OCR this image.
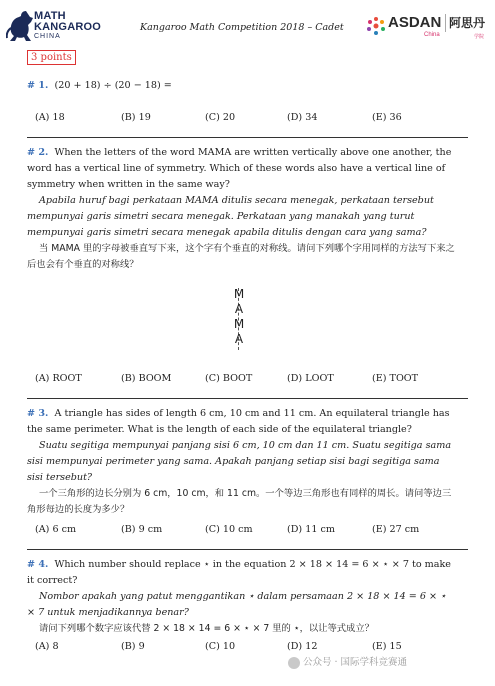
MATH
KANGAROO
CHINA
Kangaroo Math Competition 2018 – Cadet	ASDAN
China
阿思丹
学院
3 points

# 1. (20 + 18) ÷ (20 − 18) =

(A) 18	(B) 19	(C) 20	(D) 34	(E) 36

# 2. When the letters of the word MAMA are written vertically above one another, the word has a vertical line of symmetry. Which of these words also have a vertical line of symmetry when written in the same way?

Apabila huruf bagi perkataan MAMA ditulis secara menegak, perkataan tersebut mempunyai garis simetri secara menegak. Perkataan yang manakah yang turut mempunyai garis simetri secara menegak apabila ditulis dengan cara yang sama?

当 MAMA 里的字母被垂直写下来，这个字有个垂直的对称线。请问下列哪个字用同样的方法写下来之后也会有个垂直的对称线？

M
A
M
A
(A) ROOT	(B) BOOM	(C) BOOT	(D) LOOT	(E) TOOT

# 3. A triangle has sides of length 6 cm, 10 cm and 11 cm. An equilateral triangle has the same perimeter. What is the length of each side of the equilateral triangle?

Suatu segitiga mempunyai panjang sisi 6 cm, 10 cm dan 11 cm. Suatu segitiga sama sisi mempunyai perimeter yang sama. Apakah panjang setiap sisi bagi segitiga sama sisi tersebut?

一个三角形的边长分别为 6 cm，10 cm，和 11 cm。一个等边三角形也有同样的周长。请问等边三角形每边的长度为多少？

(A) 6 cm	(B) 9 cm	(C) 10 cm	(D) 11 cm	(E) 27 cm

# 4. Which number should replace ⋆ in the equation 2 × 18 × 14 = 6 × ⋆ × 7 to make it correct?

Nombor apakah yang patut menggantikan ⋆ dalam persamaan 2 × 18 × 14 = 6 × ⋆ × 7 untuk menjadikannya benar?

请问下列哪个数字应该代替 2 × 18 × 14 = 6 × ⋆ × 7 里的 ⋆，以让等式成立？

(A) 8	(B) 9	(C) 10	(D) 12	(E) 15
公众号 · 国际学科竞赛通
